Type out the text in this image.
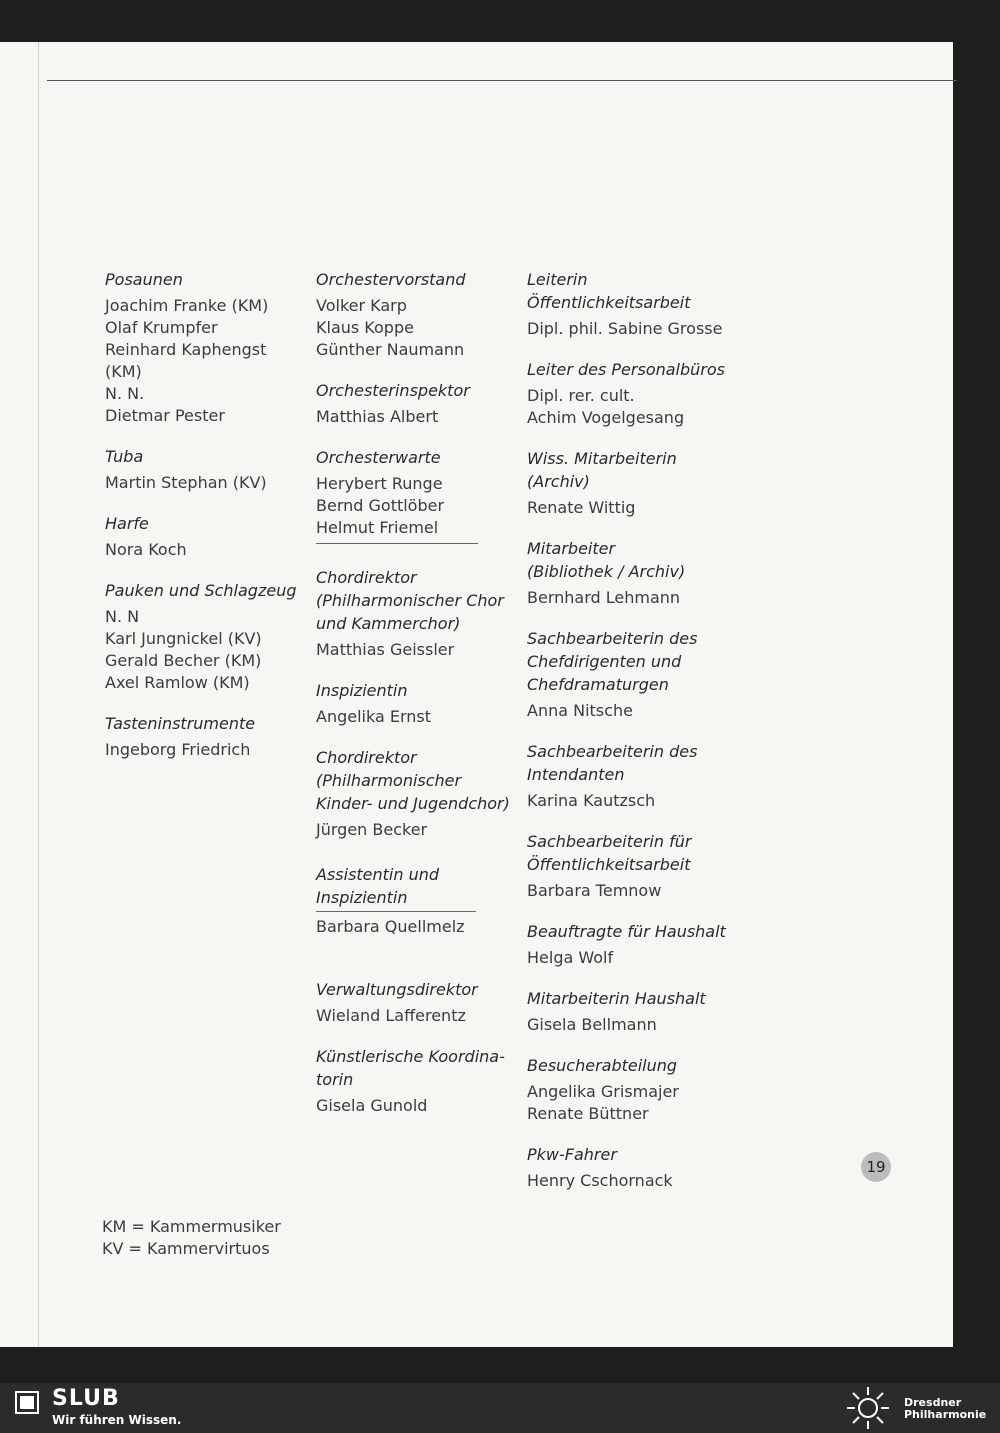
Posaunen
Joachim Franke (KM)
Olaf Krumpfer
Reinhard Kaphengst (KM)
N. N.
Dietmar Pester
Tuba
Martin Stephan (KV)
Harfe
Nora Koch
Pauken und Schlagzeug
N. N
Karl Jungnickel (KV)
Gerald Becher (KM)
Axel Ramlow (KM)
Tasteninstrumente
Ingeborg Friedrich
Orchestervorstand
Volker Karp
Klaus Koppe
Günther Naumann
Orchesterinspektor
Matthias Albert
Orchesterwarte
Herybert Runge
Bernd Gottlöber
Helmut Friemel
Chordirektor
(Philharmonischer Chor
und Kammerchor)
Matthias Geissler
Inspizientin
Angelika Ernst
Chordirektor
(Philharmonischer
Kinder- und Jugendchor)
Jürgen Becker
Assistentin und
Inspizientin
Barbara Quellmelz
Verwaltungsdirektor
Wieland Lafferentz
Künstlerische Koordina-
torin
Gisela Gunold
Leiterin
Öffentlichkeitsarbeit
Dipl. phil. Sabine Grosse
Leiter des Personalbüros
Dipl. rer. cult.
Achim Vogelgesang
Wiss. Mitarbeiterin
(Archiv)
Renate Wittig
Mitarbeiter
(Bibliothek / Archiv)
Bernhard Lehmann
Sachbearbeiterin des
Chefdirigenten und
Chefdramaturgen
Anna Nitsche
Sachbearbeiterin des
Intendanten
Karina Kautzsch
Sachbearbeiterin für
Öffentlichkeitsarbeit
Barbara Temnow
Beauftragte für Haushalt
Helga Wolf
Mitarbeiterin Haushalt
Gisela Bellmann
Besucherabteilung
Angelika Grismajer
Renate Büttner
Pkw-Fahrer
Henry Cschornack
KM = Kammermusiker
KV = Kammervirtuos
19
SLUB
Wir führen Wissen.
Dresdner
Philharmonie
